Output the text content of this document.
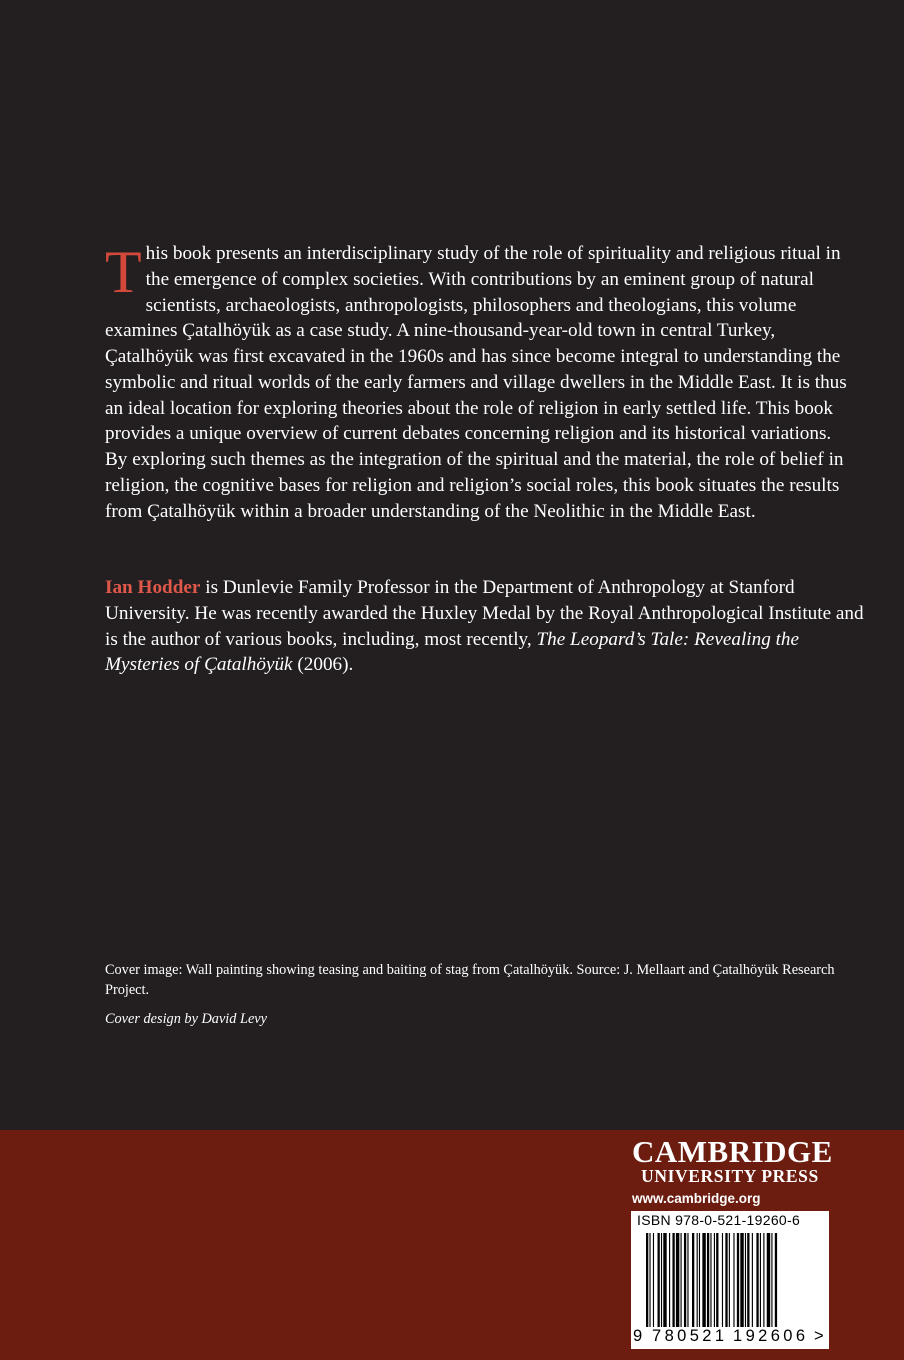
This book presents an interdisciplinary study of the role of spirituality and religious ritual in the emergence of complex societies. With contributions by an eminent group of natural scientists, archaeologists, anthropologists, philosophers and theologians, this volume examines Çatalhöyük as a case study. A nine-thousand-year-old town in central Turkey, Çatalhöyük was first excavated in the 1960s and has since become integral to understanding the symbolic and ritual worlds of the early farmers and village dwellers in the Middle East. It is thus an ideal location for exploring theories about the role of religion in early settled life. This book provides a unique overview of current debates concerning religion and its historical variations. By exploring such themes as the integration of the spiritual and the material, the role of belief in religion, the cognitive bases for religion and religion’s social roles, this book situates the results from Çatalhöyük within a broader understanding of the Neolithic in the Middle East.

Ian Hodder is Dunlevie Family Professor in the Department of Anthropology at Stanford University. He was recently awarded the Huxley Medal by the Royal Anthropological Institute and is the author of various books, including, most recently, The Leopard’s Tale: Revealing the Mysteries of Çatalhöyük (2006).

Cover image: Wall painting showing teasing and baiting of stag from Çatalhöyük. Source: J. Mellaart and Çatalhöyük Research Project.

Cover design by David Levy

CAMBRIDGE

UNIVERSITY PRESS

www.cambridge.org

ISBN 978-0-521-19260-6

9 780521 192606 >
